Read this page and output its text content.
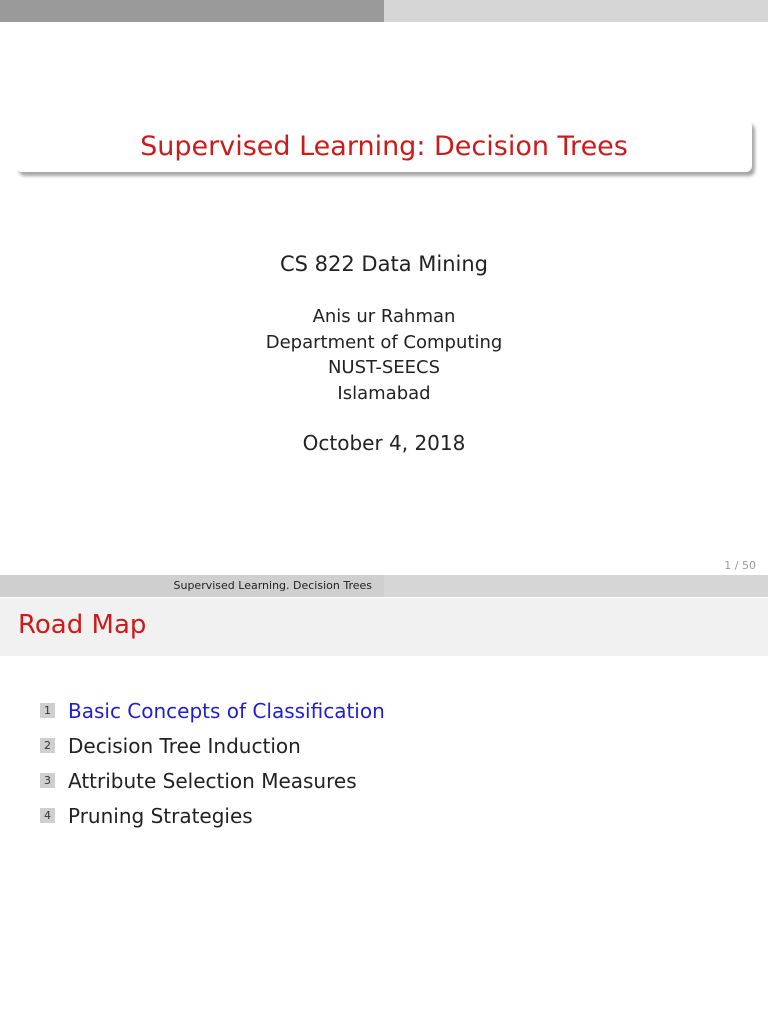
Supervised Learning: Decision Trees
CS 822 Data Mining
Anis ur Rahman
Department of Computing
NUST-SEECS
Islamabad
October 4, 2018
1 / 50
Supervised Learning. Decision Trees
Road Map
1 Basic Concepts of Classification
2 Decision Tree Induction
3 Attribute Selection Measures
4 Pruning Strategies
